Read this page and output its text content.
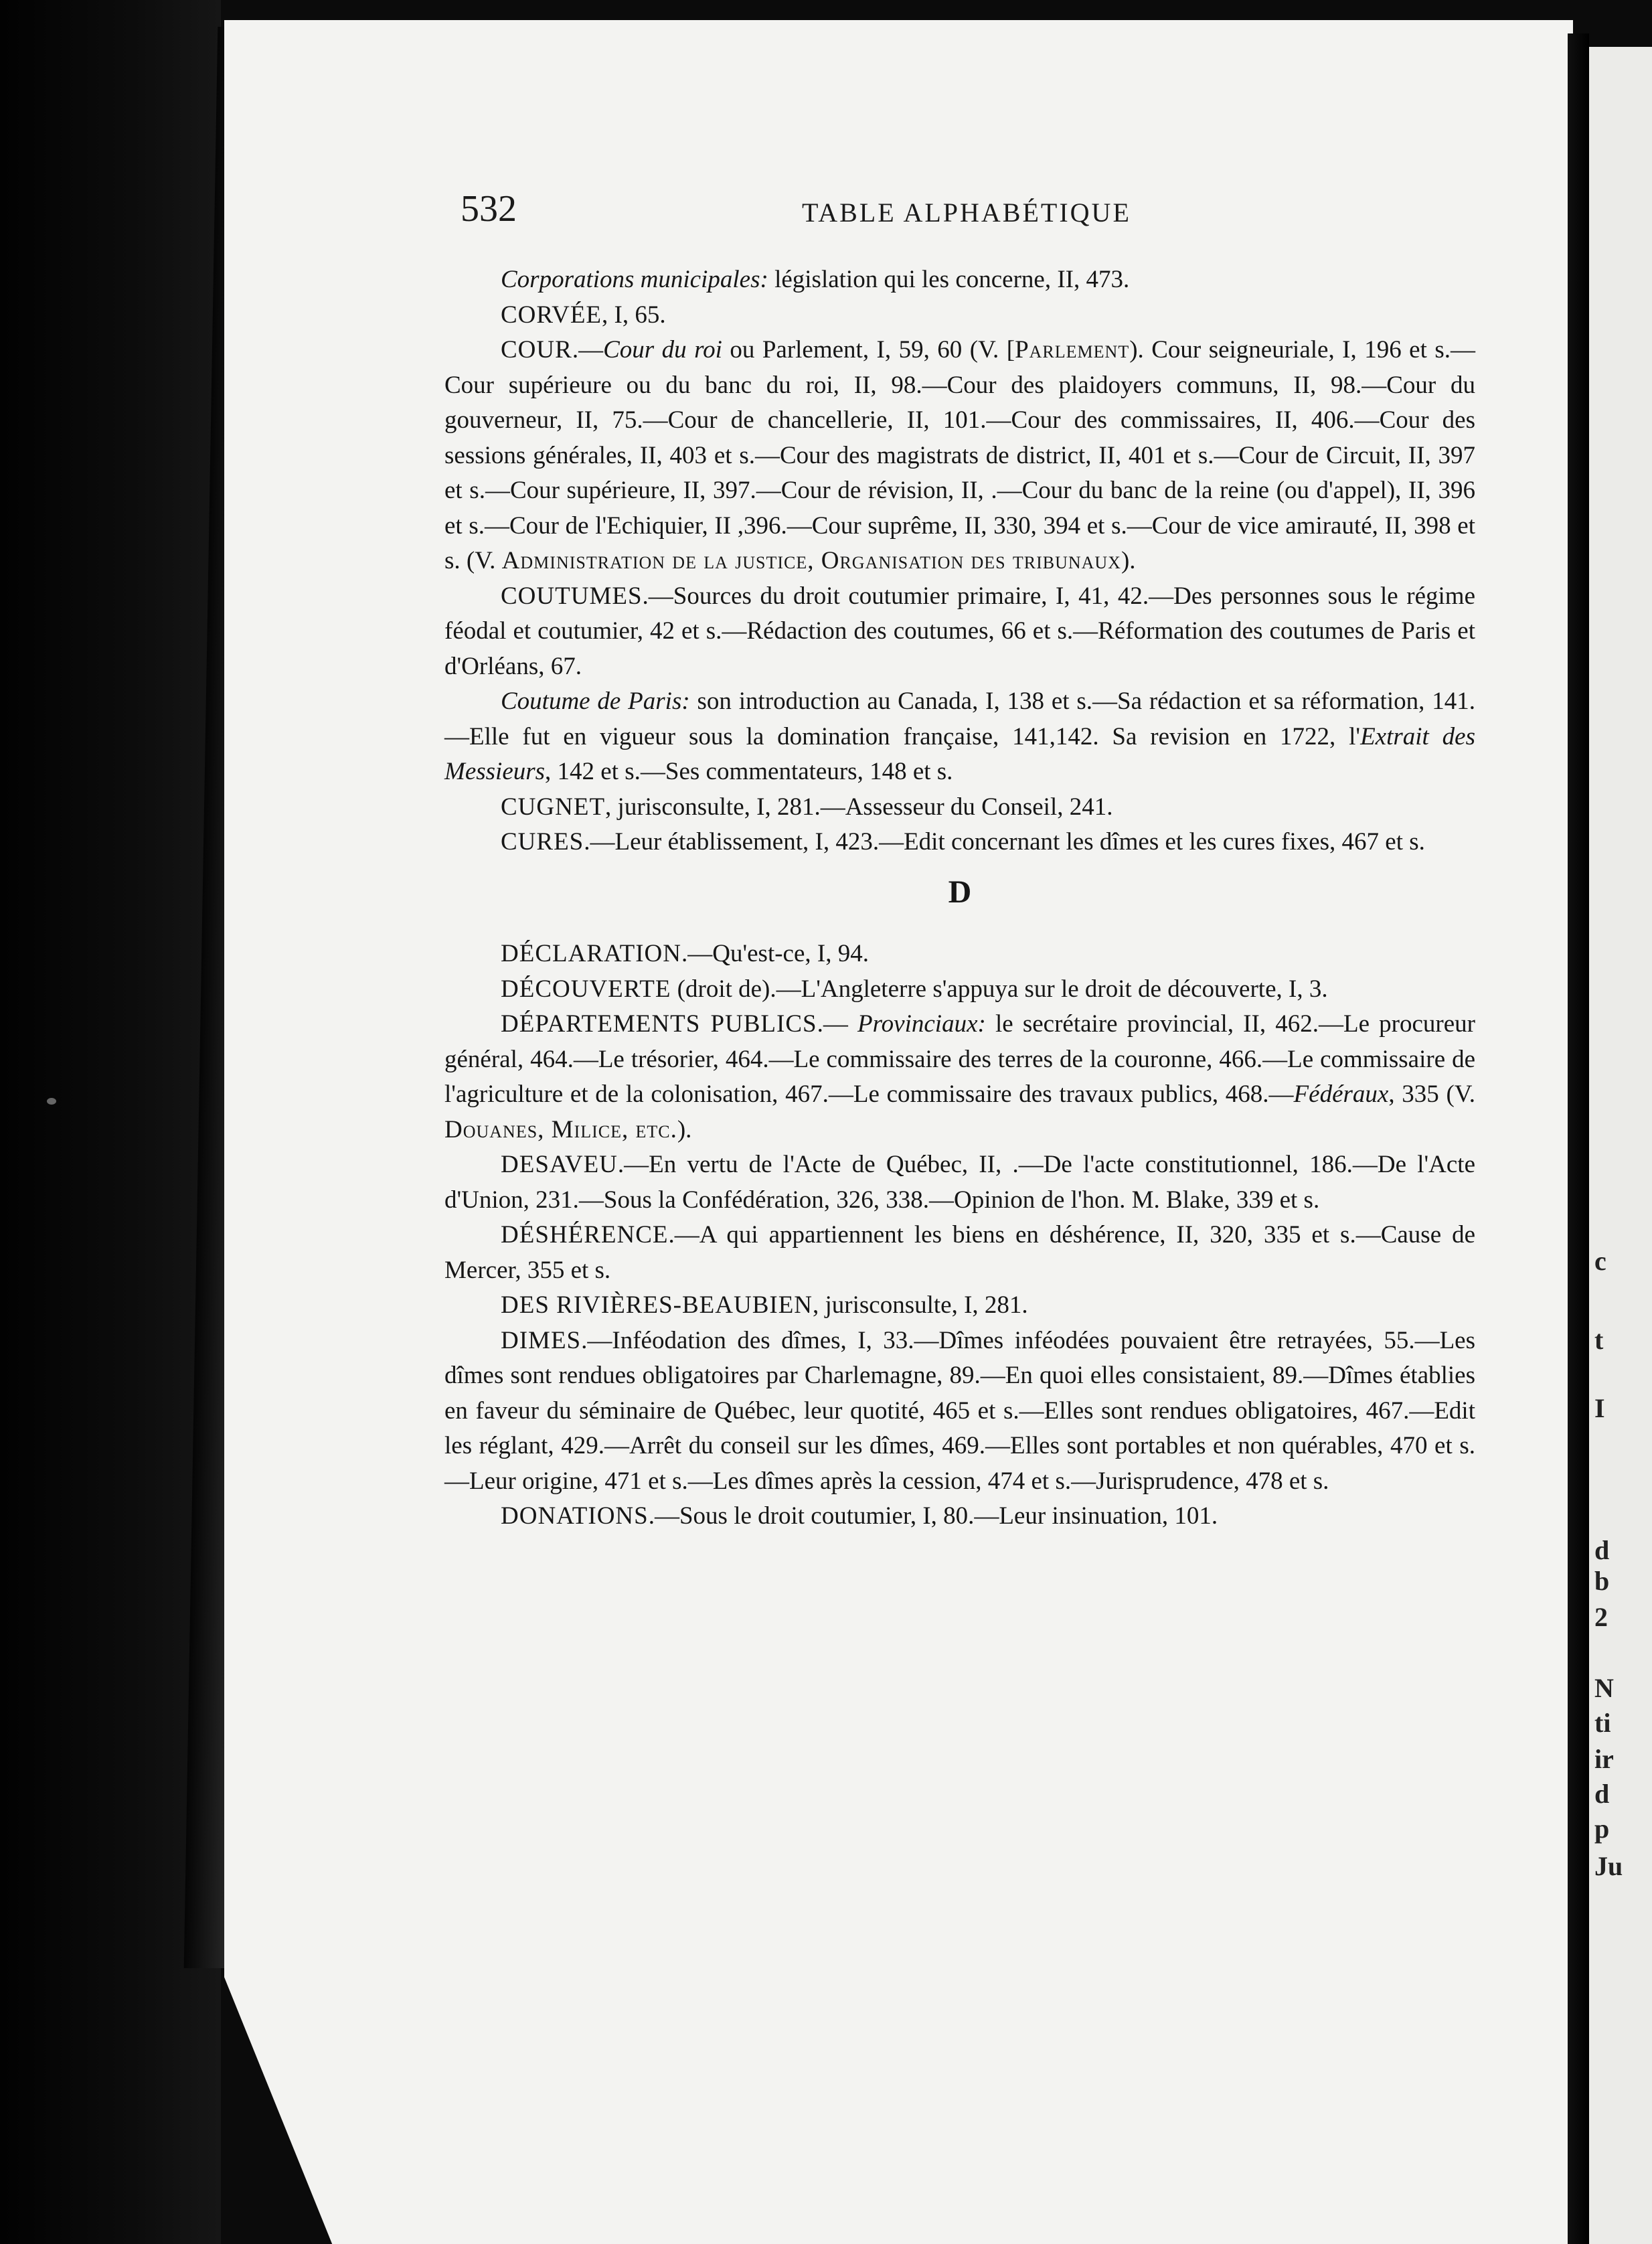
c
t
I
d
b
2
N
ti
ir
d
p
Ju
532	TABLE ALPHABÉTIQUE

Corporations municipales: législation qui les concerne, II, 473.

CORVÉE, I, 65.

COUR.—Cour du roi ou Parlement, I, 59, 60 (V. [Parlement). Cour seigneuriale, I, 196 et s.—Cour supérieure ou du banc du roi, II, 98.—Cour des plaidoyers communs, II, 98.—Cour du gouverneur, II, 75.—Cour de chancellerie, II, 101.—Cour des commissaires, II, 406.—Cour des sessions générales, II, 403 et s.—Cour des magistrats de district, II, 401 et s.—Cour de Circuit, II, 397 et s.—Cour supérieure, II, 397.—Cour de révision, II, .—Cour du banc de la reine (ou d'appel), II, 396 et s.—Cour de l'Echiquier, II ,396.—Cour suprême, II, 330, 394 et s.—Cour de vice amirauté, II, 398 et s. (V. Administration de la justice, Organisation des tribunaux).

COUTUMES.—Sources du droit coutumier primaire, I, 41, 42.—Des personnes sous le régime féodal et coutumier, 42 et s.—Rédaction des coutumes, 66 et s.—Réformation des coutumes de Paris et d'Orléans, 67.

Coutume de Paris: son introduction au Canada, I, 138 et s.—Sa rédaction et sa réformation, 141.—Elle fut en vigueur sous la domination française, 141,142. Sa revision en 1722, l'Extrait des Messieurs, 142 et s.—Ses commentateurs, 148 et s.

CUGNET, jurisconsulte, I, 281.—Assesseur du Conseil, 241.

CURES.—Leur établissement, I, 423.—Edit concernant les dîmes et les cures fixes, 467 et s.

D

DÉCLARATION.—Qu'est-ce, I, 94.

DÉCOUVERTE (droit de).—L'Angleterre s'appuya sur le droit de découverte, I, 3.

DÉPARTEMENTS PUBLICS.— Provinciaux: le secrétaire provincial, II, 462.—Le procureur général, 464.—Le trésorier, 464.—Le commissaire des terres de la couronne, 466.—Le commissaire de l'agriculture et de la colonisation, 467.—Le commissaire des travaux publics, 468.—Fédéraux, 335 (V. Douanes, Milice, etc.).

DESAVEU.—En vertu de l'Acte de Québec, II, .—De l'acte constitutionnel, 186.—De l'Acte d'Union, 231.—Sous la Confédération, 326, 338.—Opinion de l'hon. M. Blake, 339 et s.

DÉSHÉRENCE.—A qui appartiennent les biens en déshérence, II, 320, 335 et s.—Cause de Mercer, 355 et s.

DES RIVIÈRES-BEAUBIEN, jurisconsulte, I, 281.

DIMES.—Inféodation des dîmes, I, 33.—Dîmes inféodées pouvaient être retrayées, 55.—Les dîmes sont rendues obligatoires par Charlemagne, 89.—En quoi elles consistaient, 89.—Dîmes établies en faveur du séminaire de Québec, leur quotité, 465 et s.—Elles sont rendues obligatoires, 467.—Edit les réglant, 429.—Arrêt du conseil sur les dîmes, 469.—Elles sont portables et non quérables, 470 et s.—Leur origine, 471 et s.—Les dîmes après la cession, 474 et s.—Jurisprudence, 478 et s.

DONATIONS.—Sous le droit coutumier, I, 80.—Leur insinuation, 101.
